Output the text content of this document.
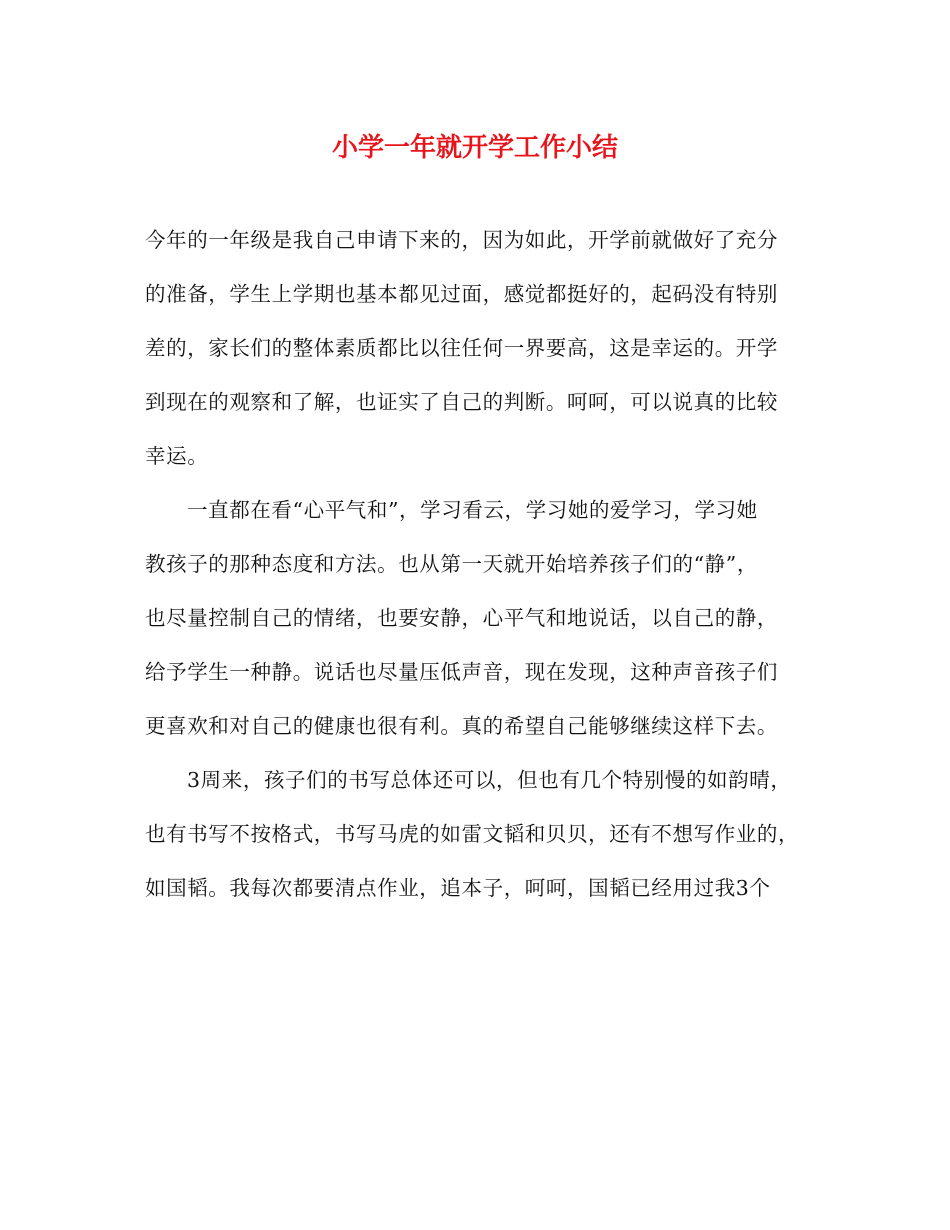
小学一年就开学工作小结
今年的一年级是我自己申请下来的，因为如此，开学前就做好了充分
的准备，学生上学期也基本都见过面，感觉都挺好的，起码没有特别
差的，家长们的整体素质都比以往任何一界要高，这是幸运的。开学
到现在的观察和了解，也证实了自己的判断。呵呵，可以说真的比较
幸运。
一直都在看“心平气和”，学习看云，学习她的爱学习，学习她
教孩子的那种态度和方法。也从第一天就开始培养孩子们的“静”，
也尽量控制自己的情绪，也要安静，心平气和地说话，以自己的静，
给予学生一种静。说话也尽量压低声音，现在发现，这种声音孩子们
更喜欢和对自己的健康也很有利。真的希望自己能够继续这样下去。
3周来，孩子们的书写总体还可以，但也有几个特别慢的如韵晴，
也有书写不按格式，书写马虎的如雷文韬和贝贝，还有不想写作业的，
如国韬。我每次都要清点作业，追本子，呵呵，国韬已经用过我3个
